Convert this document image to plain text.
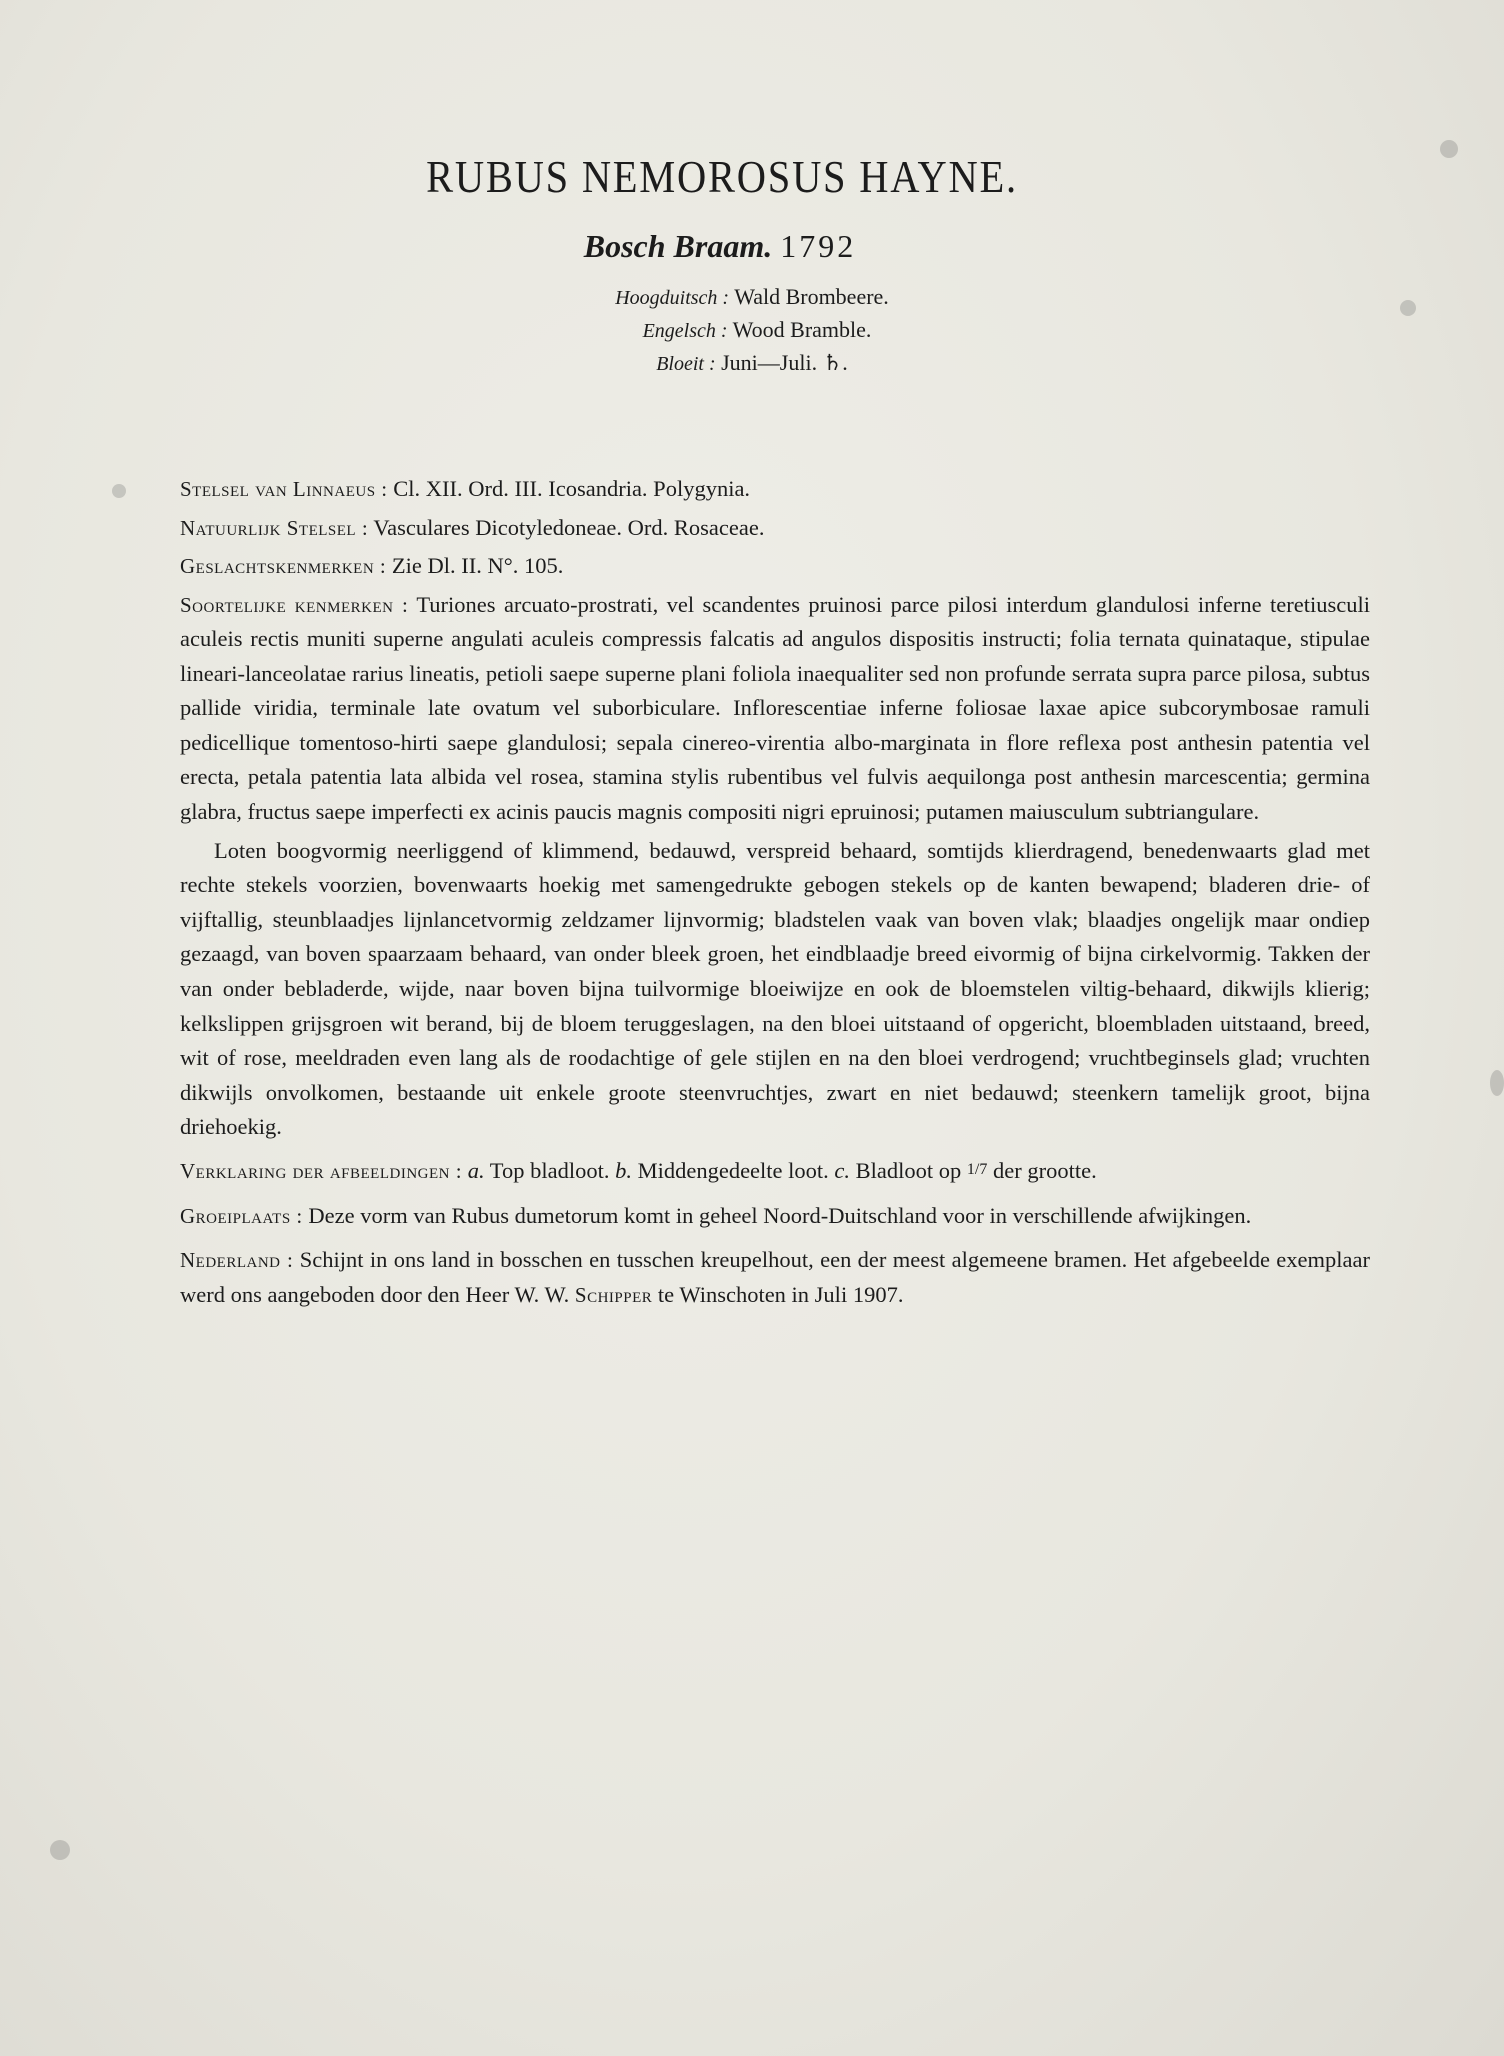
RUBUS NEMOROSUS HAYNE.
Bosch Braam. 1792
Hoogduitsch : Wald Brombeere.
Engelsch : Wood Bramble.
Bloeit : Juni—Juli. ♄.
Stelsel van Linnaeus : Cl. XII. Ord. III. Icosandria. Polygynia.
Natuurlijk Stelsel : Vasculares Dicotyledoneae. Ord. Rosaceae.
Geslachtskenmerken : Zie Dl. II. N°. 105.
Soortelijke kenmerken : Turiones arcuato-prostrati, vel scandentes pruinosi parce pilosi interdum glandulosi inferne teretiusculi aculeis rectis muniti superne angulati aculeis compressis falcatis ad angulos dispositis instructi; folia ternata quinataque, stipulae lineari-lanceolatae rarius lineatis, petioli saepe superne plani foliola inaequaliter sed non profunde serrata supra parce pilosa, subtus pallide viridia, terminale late ovatum vel suborbiculare. Inflorescentiae inferne foliosae laxae apice subcorymbosae ramuli pedicellique tomentoso-hirti saepe glandulosi; sepala cinereo-virentia albo-marginata in flore reflexa post anthesin patentia vel erecta, petala patentia lata albida vel rosea, stamina stylis rubentibus vel fulvis aequilonga post anthesin marcescentia; germina glabra, fructus saepe imperfecti ex acinis paucis magnis compositi nigri epruinosi; putamen maiusculum subtriangulare.
Loten boogvormig neerliggend of klimmend, bedauwd, verspreid behaard, somtijds klierdragend, benedenwaarts glad met rechte stekels voorzien, bovenwaarts hoekig met samengedrukte gebogen stekels op de kanten bewapend; bladeren drie- of vijftallig, steunblaadjes lijnlancetvormig zeldzamer lijnvormig; bladstelen vaak van boven vlak; blaadjes ongelijk maar ondiep gezaagd, van boven spaarzaam behaard, van onder bleek groen, het eindblaadje breed eivormig of bijna cirkelvormig. Takken der van onder bebladerde, wijde, naar boven bijna tuilvormige bloeiwijze en ook de bloemstelen viltig-behaard, dikwijls klierig; kelkslippen grijsgroen wit berand, bij de bloem teruggeslagen, na den bloei uitstaand of opgericht, bloembladen uitstaand, breed, wit of rose, meeldraden even lang als de roodachtige of gele stijlen en na den bloei verdrogend; vruchtbeginsels glad; vruchten dikwijls onvolkomen, bestaande uit enkele groote steenvruchtjes, zwart en niet bedauwd; steenkern tamelijk groot, bijna driehoekig.
Verklaring der afbeeldingen : a. Top bladloot. b. Middengedeelte loot. c. Bladloot op 1/7 der grootte.
Groeiplaats : Deze vorm van Rubus dumetorum komt in geheel Noord-Duitschland voor in verschillende afwijkingen.
Nederland : Schijnt in ons land in bosschen en tusschen kreupelhout, een der meest algemeene bramen. Het afgebeelde exemplaar werd ons aangeboden door den Heer W. W. Schipper te Winschoten in Juli 1907.
